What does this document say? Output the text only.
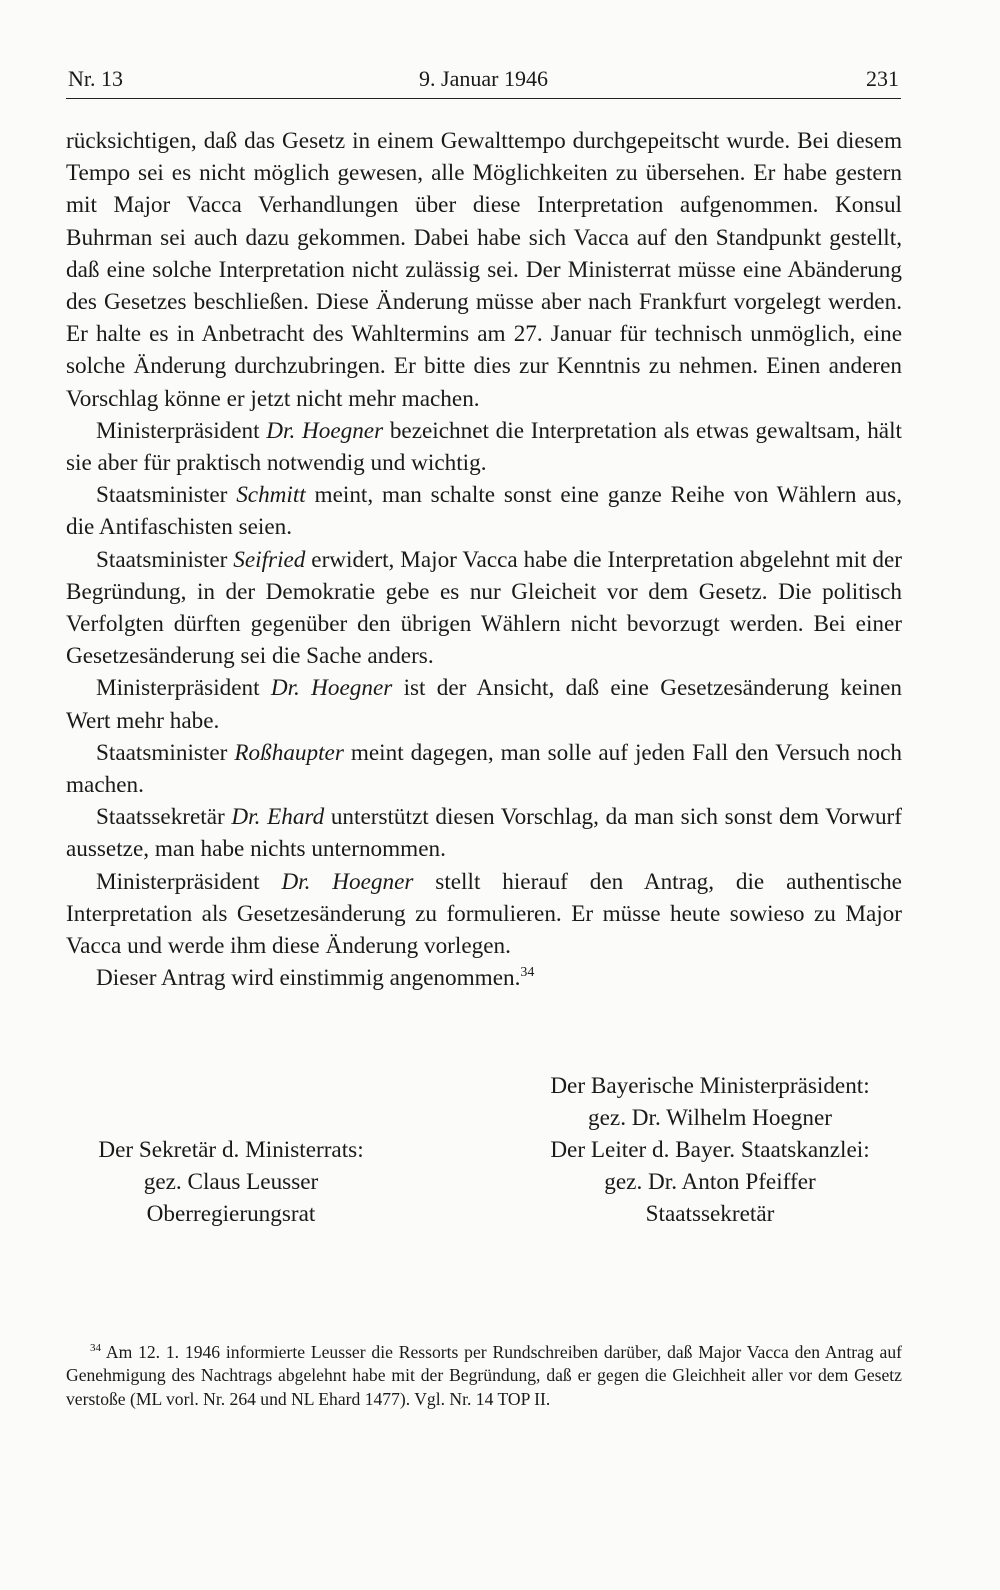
9. Januar 1946
Nr. 13	231

rücksichtigen, daß das Gesetz in einem Gewalttempo durchgepeitscht wurde. Bei diesem Tempo sei es nicht möglich gewesen, alle Möglichkeiten zu übersehen. Er habe gestern mit Major Vacca Verhandlungen über diese Interpretation aufgenommen. Konsul Buhrman sei auch dazu gekommen. Dabei habe sich Vacca auf den Standpunkt gestellt, daß eine solche Interpretation nicht zulässig sei. Der Ministerrat müsse eine Abänderung des Gesetzes beschließen. Diese Änderung müsse aber nach Frankfurt vorgelegt werden. Er halte es in Anbetracht des Wahltermins am 27. Januar für technisch unmöglich, eine solche Änderung durchzubringen. Er bitte dies zur Kenntnis zu nehmen. Einen anderen Vorschlag könne er jetzt nicht mehr machen.

Ministerpräsident Dr. Hoegner bezeichnet die Interpretation als etwas gewaltsam, hält sie aber für praktisch notwendig und wichtig.

Staatsminister Schmitt meint, man schalte sonst eine ganze Reihe von Wählern aus, die Antifaschisten seien.

Staatsminister Seifried erwidert, Major Vacca habe die Interpretation abgelehnt mit der Begründung, in der Demokratie gebe es nur Gleicheit vor dem Gesetz. Die politisch Verfolgten dürften gegenüber den übrigen Wählern nicht bevorzugt werden. Bei einer Gesetzesänderung sei die Sache anders.

Ministerpräsident Dr. Hoegner ist der Ansicht, daß eine Gesetzesänderung keinen Wert mehr habe.

Staatsminister Roßhaupter meint dagegen, man solle auf jeden Fall den Versuch noch machen.

Staatssekretär Dr. Ehard unterstützt diesen Vorschlag, da man sich sonst dem Vorwurf aussetze, man habe nichts unternommen.

Ministerpräsident Dr. Hoegner stellt hierauf den Antrag, die authentische Interpretation als Gesetzesänderung zu formulieren. Er müsse heute sowieso zu Major Vacca und werde ihm diese Änderung vorlegen.

Dieser Antrag wird einstimmig angenommen.$^{34}$

Der Bayerische Ministerpräsident:
gez. Dr. Wilhelm Hoegner
Der Sekretär d. Ministerrats:
gez. Claus Leusser
Oberregierungsrat
Der Leiter d. Bayer. Staatskanzlei:
gez. Dr. Anton Pfeiffer
Staatssekretär

$^{34}$ Am 12. 1. 1946 informierte Leusser die Ressorts per Rundschreiben darüber, daß Major Vacca den Antrag auf Genehmigung des Nachtrags abgelehnt habe mit der Begründung, daß er gegen die Gleichheit aller vor dem Gesetz verstoße (ML vorl. Nr. 264 und NL Ehard 1477). Vgl. Nr. 14 TOP II.
